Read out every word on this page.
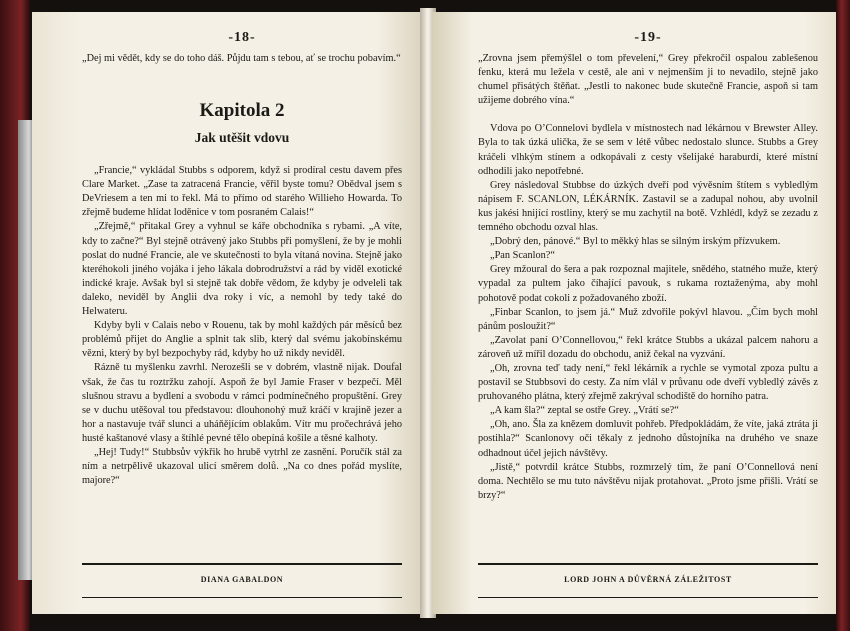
-18-

„Dej mi vědět, kdy se do toho dáš. Půjdu tam s tebou, ať se trochu pobavím.“

Kapitola 2
Jak utěšit vdovu

„Francie,“ vykládal Stubbs s odporem, když si prodíral cestu davem přes Clare Market. „Zase ta zatracená Francie, věřil byste tomu? Obědval jsem s DeVriesem a ten mi to řekl. Má to přímo od starého Willieho Howarda. To zřejmě budeme hlídat loděnice v tom posraném Calais!“

„Zřejmě,“ přitakal Grey a vyhnul se káře obchodníka s rybami. „A víte, kdy to začne?“ Byl stejně otrávený jako Stubbs při pomyšlení, že by je mohli poslat do nudné Francie, ale ve skutečnosti to byla vítaná novina. Stejně jako kteréhokoli jiného vojáka i jeho lákala dobrodružství a rád by viděl exotické indické kraje. Avšak byl si stejně tak dobře vědom, že kdyby je odveleli tak daleko, neviděl by Anglii dva roky i víc, a nemohl by tedy také do Helwateru.

Kdyby byli v Calais nebo v Rouenu, tak by mohl každých pár měsíců bez problémů přijet do Anglie a splnit tak slib, který dal svému jakobínskému vězni, který by byl bezpochyby rád, kdyby ho už nikdy neviděl.

Rázně tu myšlenku zavrhl. Nerozešli se v dobrém, vlastně nijak. Doufal však, že čas tu roztržku zahojí. Aspoň že byl Jamie Fraser v bezpečí. Měl slušnou stravu a bydlení a svobodu v rámci podmínečného propuštění. Grey se v duchu utěšoval tou představou: dlouhonohý muž kráčí v krajině jezer a hor a nastavuje tvář slunci a uháňějícím oblakům. Vítr mu pročechrává jeho husté kaštanové vlasy a štíhlé pevné tělo obepíná košile a těsné kalhoty.

„Hej! Tudy!“ Stubbsův výkřik ho hrubě vytrhl ze zasnění. Poručík stál za ním a netrpělivě ukazoval ulicí směrem dolů. „Na co dnes pořád myslíte, majore?“

DIANA GABALDON
-19-

„Zrovna jsem přemýšlel o tom převelení,“ Grey překročil ospalou zablešenou fenku, která mu ležela v cestě, ale ani v nejmenším ji to nevadilo, stejně jako chumel přisátých štěňat. „Jestli to nakonec bude skutečně Francie, aspoň si tam užijeme dobrého vína.“

Vdova po O’Connelovi bydlela v místnostech nad lékárnou v Brewster Alley. Byla to tak úzká ulička, že se sem v létě vůbec nedostalo slunce. Stubbs a Grey kráčeli vlhkým stínem a odkopávali z cesty všelijaké haraburdí, které místní odhodili jako nepotřebné.

Grey následoval Stubbse do úzkých dveří pod vývěsním štítem s vybledlým nápisem F. SCANLON, LÉKÁRNÍK. Zastavil se a zadupal nohou, aby uvolnil kus jakési hnijící rostliny, který se mu zachytil na botě. Vzhlédl, když se zezadu z temného obchodu ozval hlas.

„Dobrý den, pánové.“ Byl to měkký hlas se silným irským přízvukem.

„Pan Scanlon?“

Grey mžoural do šera a pak rozpoznal majitele, snědého, statného muže, který vypadal za pultem jako číhající pavouk, s rukama roztaženýma, aby mohl pohotově podat cokoli z požadovaného zboží.

„Finbar Scanlon, to jsem já.“ Muž zdvořile pokývl hlavou. „Čím bych mohl pánům posloužit?“

„Zavolat paní O’Connellovou,“ řekl krátce Stubbs a ukázal palcem nahoru a zároveň už mířil dozadu do obchodu, aniž čekal na vyzvání.

„Oh, zrovna teď tady není,“ řekl lékárník a rychle se vymotal zpoza pultu a postavil se Stubbsovi do cesty. Za ním vlál v průvanu ode dveří vybledlý závěs z pruhovaného plátna, který zřejmě zakrýval schodiště do horního patra.

„A kam šla?“ zeptal se ostře Grey. „Vrátí se?“

„Oh, ano. Šla za knězem domluvit pohřeb. Předpokládám, že víte, jaká ztráta ji postihla?“ Scanlonovy oči těkaly z jednoho důstojníka na druhého ve snaze odhadnout účel jejich návštěvy.

„Jistě,“ potvrdil krátce Stubbs, rozmrzelý tím, že paní O’Connellová není doma. Nechtělo se mu tuto návštěvu nijak protahovat. „Proto jsme přišli. Vrátí se brzy?“

LORD JOHN A DŮVĚRNÁ ZÁLEŽITOST
